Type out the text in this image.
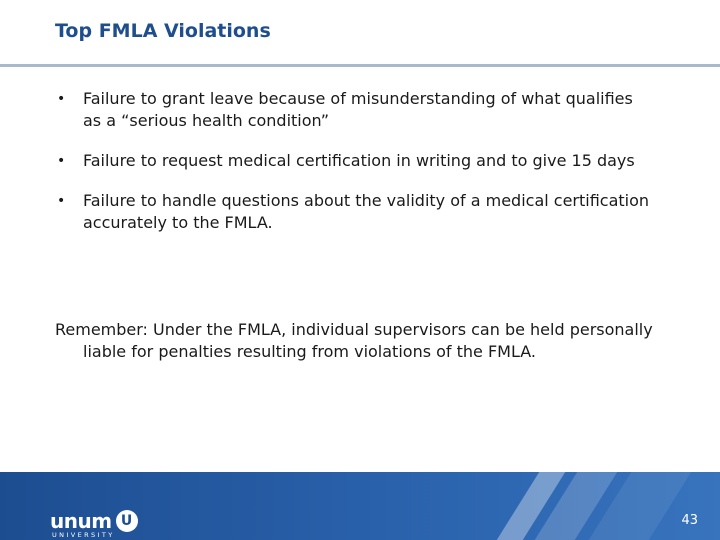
Top FMLA Violations
• Failure to grant leave because of misunderstanding of what qualifies as a “serious health condition”
• Failure to request medical certification in writing and to give 15 days
• Failure to handle questions about the validity of a medical certification accurately to the FMLA.

Remember: Under the FMLA, individual supervisors can be held personally liable for penalties resulting from violations of the FMLA.

unum U
UNIVERSITY
43
